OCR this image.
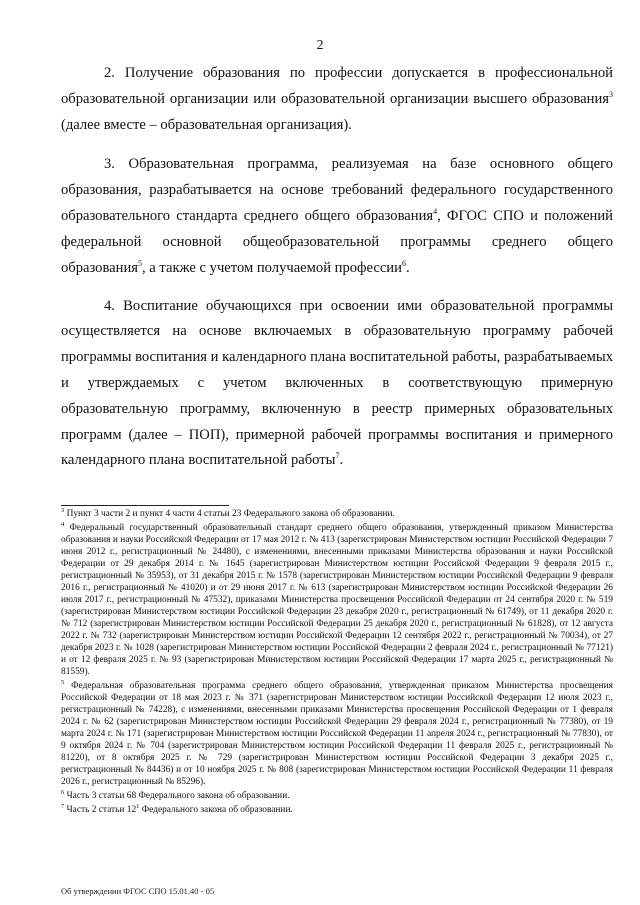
2

2. Получение образования по профессии допускается в профессиональной образовательной организации или образовательной организации высшего образования$^3$ (далее вместе – образовательная организация).

3. Образовательная программа, реализуемая на базе основного общего образования, разрабатывается на основе требований федерального государственного образовательного стандарта среднего общего образования$^4$, ФГОС СПО и положений федеральной основной общеобразовательной программы среднего общего образования$^5$, а также с учетом получаемой профессии$^6$.

4. Воспитание обучающихся при освоении ими образовательной программы осуществляется на основе включаемых в образовательную программу рабочей программы воспитания и календарного плана воспитательной работы, разрабатываемых и утверждаемых с учетом включенных в соответствующую примерную образовательную программу, включенную в реестр примерных образовательных программ (далее – ПОП), примерной рабочей программы воспитания и примерного календарного плана воспитательной работы$^7$.

$^3$ Пункт 3 части 2 и пункт 4 части 4 статьи 23 Федерального закона об образовании.

$^4$ Федеральный государственный образовательный стандарт среднего общего образования, утвержденный приказом Министерства образования и науки Российской Федерации от 17 мая 2012 г. № 413 (зарегистрирован Министерством юстиции Российской Федерации 7 июня 2012 г., регистрационный № 24480), с изменениями, внесенными приказами Министерства образования и науки Российской Федерации от 29 декабря 2014 г. № 1645 (зарегистрирован Министерством юстиции Российской Федерации 9 февраля 2015 г., регистрационный № 35953), от 31 декабря 2015 г. № 1578 (зарегистрирован Министерством юстиции Российской Федерации 9 февраля 2016 г., регистрационный № 41020) и от 29 июня 2017 г. № 613 (зарегистрирован Министерством юстиции Российской Федерации 26 июля 2017 г., регистрационный № 47532), приказами Министерства просвещения Российской Федерации от 24 сентября 2020 г. № 519 (зарегистрирован Министерством юстиции Российской Федерации 23 декабря 2020 г., регистрационный № 61749), от 11 декабря 2020 г. № 712 (зарегистрирован Министерством юстиции Российской Федерации 25 декабря 2020 г., регистрационный № 61828), от 12 августа 2022 г. № 732 (зарегистрирован Министерством юстиции Российской Федерации 12 сентября 2022 г., регистрационный № 70034), от 27 декабря 2023 г. № 1028 (зарегистрирован Министерством юстиции Российской Федерации 2 февраля 2024 г., регистрационный № 77121) и от 12 февраля 2025 г. № 93 (зарегистрирован Министерством юстиции Российской Федерации 17 марта 2025 г., регистрационный № 81559).

$^5$ Федеральная образовательная программа среднего общего образования, утвержденная приказом Министерства просвещения Российской Федерации от 18 мая 2023 г. № 371 (зарегистрирован Министерством юстиции Российской Федерации 12 июля 2023 г., регистрационный № 74228), с изменениями, внесенными приказами Министерства просвещения Российской Федерации от 1 февраля 2024 г. № 62 (зарегистрирован Министерством юстиции Российской Федерации 29 февраля 2024 г., регистрационный № 77380), от 19 марта 2024 г. № 171 (зарегистрирован Министерством юстиции Российской Федерации 11 апреля 2024 г., регистрационный № 77830), от 9 октября 2024 г. № 704 (зарегистрирован Министерством юстиции Российской Федерации 11 февраля 2025 г., регистрационный № 81220), от 8 октября 2025 г. № 729 (зарегистрирован Министерством юстиции Российской Федерации 3 декабря 2025 г., регистрационный № 84436) и от 10 ноября 2025 г. № 808 (зарегистрирован Министерством юстиции Российской Федерации 11 февраля 2026 г., регистрационный № 85296).

$^6$ Часть 3 статьи 68 Федерального закона об образовании.

$^7$ Часть 2 статьи $12^1$ Федерального закона об образовании.

Об утверждении ФГОС СПО 15.01.40 - 05
